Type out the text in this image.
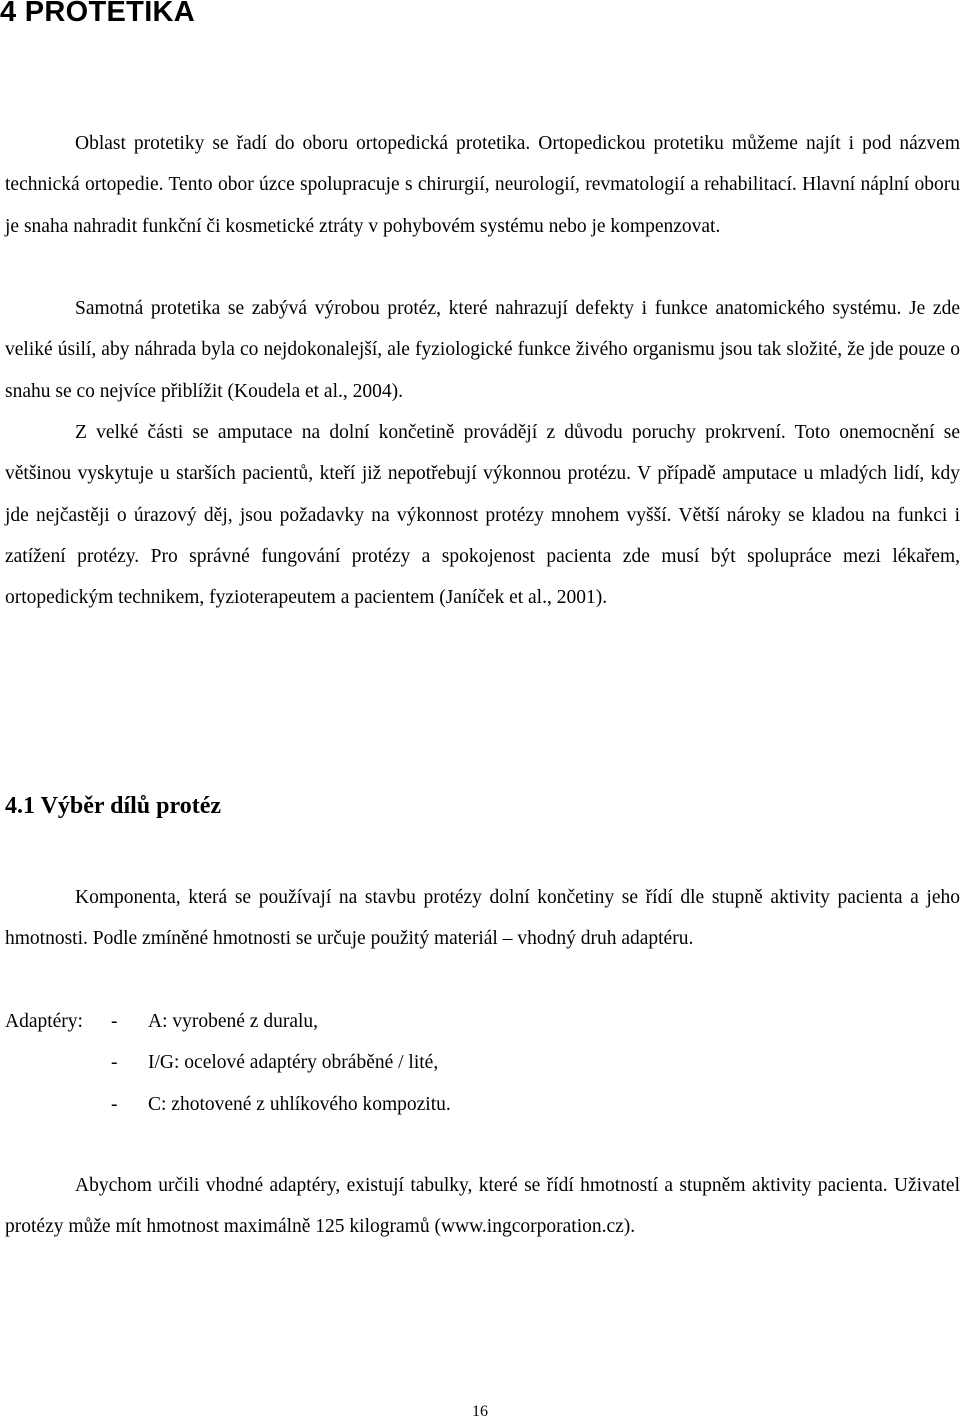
4 PROTETIKA

Oblast protetiky se řadí do oboru ortopedická protetika. Ortopedickou protetiku můžeme najít i pod názvem technická ortopedie. Tento obor úzce spolupracuje s chirurgií, neurologií, revmatologií a rehabilitací. Hlavní náplní oboru je snaha nahradit funkční či kosmetické ztráty v pohybovém systému nebo je kompenzovat.

Samotná protetika se zabývá výrobou protéz, které nahrazují defekty i funkce anatomického systému. Je zde veliké úsilí, aby náhrada byla co nejdokonalejší, ale fyziologické funkce živého organismu jsou tak složité, že jde pouze o snahu se co nejvíce přiblížit (Koudela et al., 2004).

Z velké části se amputace na dolní končetině provádějí z důvodu poruchy prokrvení. Toto onemocnění se většinou vyskytuje u starších pacientů, kteří již nepotřebují výkonnou protézu. V případě amputace u mladých lidí, kdy jde nejčastěji o úrazový děj, jsou požadavky na výkonnost protézy mnohem vyšší. Větší nároky se kladou na funkci i zatížení protézy. Pro správné fungování protézy a spokojenost pacienta zde musí být spolupráce mezi lékařem, ortopedickým technikem, fyzioterapeutem a pacientem (Janíček et al., 2001).

4.1 Výběr dílů protéz

Komponenta, která se používají na stavbu protézy dolní končetiny se řídí dle stupně aktivity pacienta a jeho hmotnosti. Podle zmíněné hmotnosti se určuje použitý materiál – vhodný druh adaptéru.

Adaptéry: - A: vyrobené z duralu,
- I/G: ocelové adaptéry obráběné / lité,
- C: zhotovené z uhlíkového kompozitu.

Abychom určili vhodné adaptéry, existují tabulky, které se řídí hmotností a stupněm aktivity pacienta. Uživatel protézy může mít hmotnost maximálně 125 kilogramů (www.ingcorporation.cz).

16
